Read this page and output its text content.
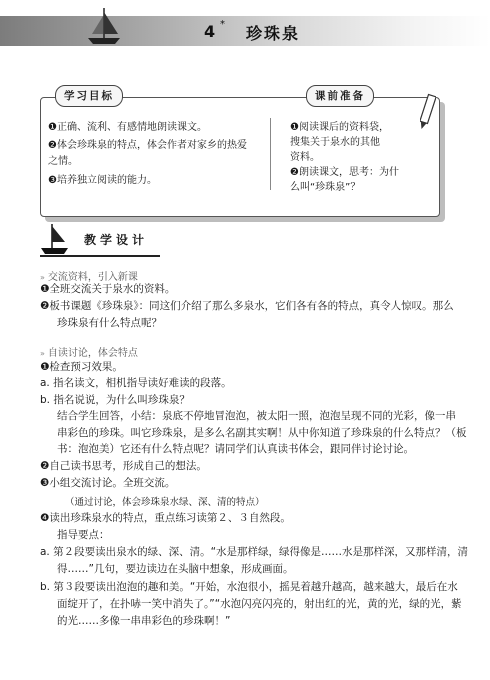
4 * 珍珠泉
学习目标	课前准备
❶正确、流利、有感情地朗读课文。
❷体会珍珠泉的特点，体会作者对家乡的热爱
之情。
❸培养独立阅读的能力。
❶阅读课后的资料袋，
搜集关于泉水的其他
资料。
❷朗读课文，思考：为什
么叫“珍珠泉”？
教学设计
» 交流资料，引入新课
❶全班交流关于泉水的资料。
❷板书课题《珍珠泉》：同这们介绍了那么多泉水，它们各有各的特点，真令人惊叹。那么
珍珠泉有什么特点呢？
» 自读讨论，体会特点
❶检查预习效果。
a. 指名读文，相机指导读好难读的段落。
b. 指名说说，为什么叫珍珠泉？
结合学生回答，小结：泉底不停地冒泡泡，被太阳一照，泡泡呈现不同的光彩，像一串
串彩色的珍珠。叫它珍珠泉，是多么名副其实啊！从中你知道了珍珠泉的什么特点？（板
书：泡泡美）它还有什么特点呢？请同学们认真读书体会，跟同伴讨论讨论。
❷自己读书思考，形成自己的想法。
❸小组交流讨论。全班交流。
（通过讨论，体会珍珠泉水绿、深、清的特点）
❹读出珍珠泉水的特点，重点练习读第２、３自然段。
指导要点：
a. 第２段要读出泉水的绿、深、清。“水是那样绿，绿得像是……水是那样深，又那样清，清
得……”几句，要边读边在头脑中想象，形成画面。
b. 第３段要读出泡泡的趣和美。“开始，水泡很小，摇晃着越升越高，越来越大，最后在水
面绽开了，在扑哧一笑中消失了。”“水泡闪亮闪亮的，射出红的光，黄的光，绿的光，紫
的光……多像一串串彩色的珍珠啊！”
